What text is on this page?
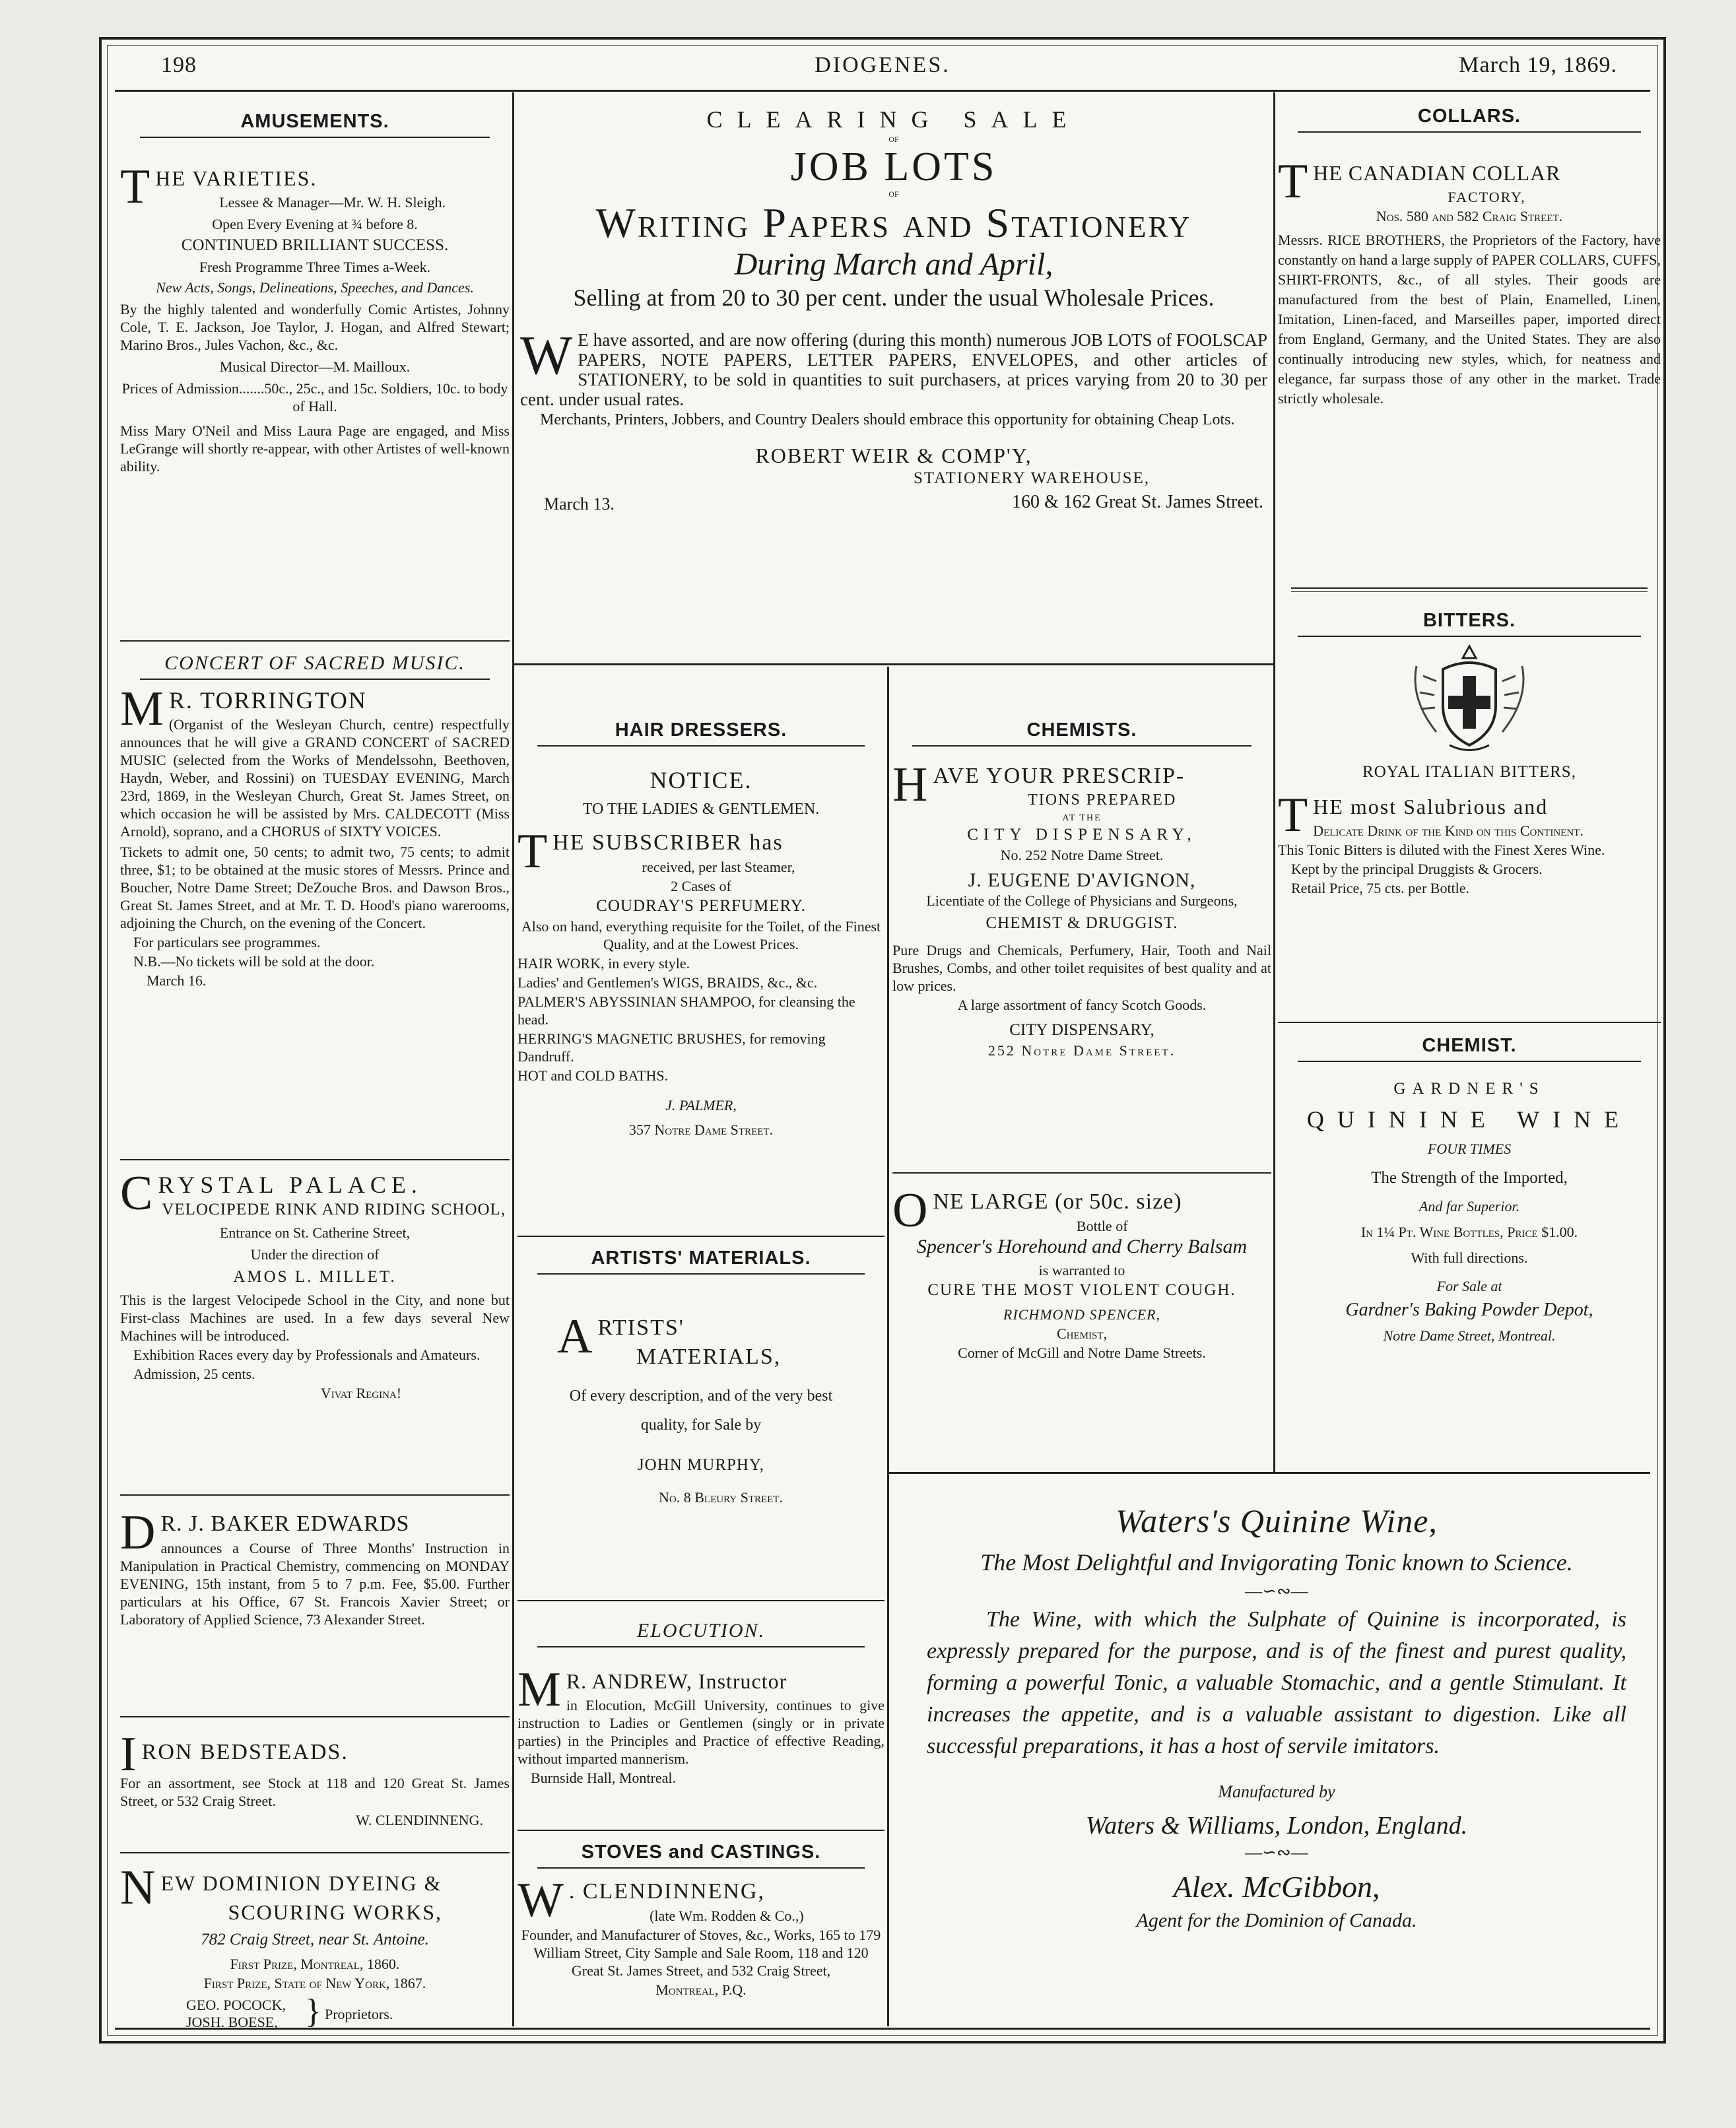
198	DIOGENES.	March 19, 1869.
AMUSEMENTS.
T HE VARIETIES.

Lessee & Manager—Mr. W. H. Sleigh.

Open Every Evening at ¾ before 8.

CONTINUED BRILLIANT SUCCESS.

Fresh Programme Three Times a-Week.

New Acts, Songs, Delineations, Speeches, and Dances.

By the highly talented and wonderfully Comic Artistes, Johnny Cole, T. E. Jackson, Joe Taylor, J. Hogan, and Alfred Stewart; Marino Bros., Jules Vachon, &c., &c.

Musical Director—M. Mailloux.

Prices of Admission.......50c., 25c., and 15c. Soldiers, 10c. to body of Hall.

Miss Mary O'Neil and Miss Laura Page are engaged, and Miss LeGrange will shortly re-appear, with other Artistes of well-known ability.

CONCERT OF SACRED MUSIC.
M R. TORRINGTON

(Organist of the Wesleyan Church, centre) respectfully announces that he will give a GRAND CONCERT of SACRED MUSIC (selected from the Works of Mendelssohn, Beethoven, Haydn, Weber, and Rossini) on TUESDAY EVENING, March 23rd, 1869, in the Wesleyan Church, Great St. James Street, on which occasion he will be assisted by Mrs. CALDECOTT (Miss Arnold), soprano, and a CHORUS of SIXTY VOICES.

Tickets to admit one, 50 cents; to admit two, 75 cents; to admit three, $1; to be obtained at the music stores of Messrs. Prince and Boucher, Notre Dame Street; DeZouche Bros. and Dawson Bros., Great St. James Street, and at Mr. T. D. Hood's piano warerooms, adjoining the Church, on the evening of the Concert.

For particulars see programmes.

N.B.—No tickets will be sold at the door.

March 16.

C RYSTAL PALACE.

VELOCIPEDE RINK AND RIDING SCHOOL,

Entrance on St. Catherine Street,

Under the direction of

AMOS L. MILLET.

This is the largest Velocipede School in the City, and none but First-class Machines are used. In a few days several New Machines will be introduced.

Exhibition Races every day by Professionals and Amateurs.

Admission, 25 cents.

Vivat Regina!

D R. J. BAKER EDWARDS

announces a Course of Three Months' Instruction in Manipulation in Practical Chemistry, commencing on MONDAY EVENING, 15th instant, from 5 to 7 p.m. Fee, $5.00. Further particulars at his Office, 67 St. Francois Xavier Street; or Laboratory of Applied Science, 73 Alexander Street.

I RON BEDSTEADS.

For an assortment, see Stock at 118 and 120 Great St. James Street, or 532 Craig Street.

W. CLENDINNENG.

N EW DOMINION DYEING &

SCOURING WORKS,

782 Craig Street, near St. Antoine.

First Prize, Montreal, 1860.

First Prize, State of New York, 1867.

GEO. POCOCK,

JOSH. BOESE, } Proprietors.

CLEARING SALE

OF

JOB LOTS

OF

Writing Papers and Stationery

During March and April,

Selling at from 20 to 30 per cent. under the usual Wholesale Prices.

W E have assorted, and are now offering (during this month) numerous JOB LOTS of FOOLSCAP PAPERS, NOTE PAPERS, LETTER PAPERS, ENVELOPES, and other articles of STATIONERY, to be sold in quantities to suit purchasers, at prices varying from 20 to 30 per cent. under usual rates.

Merchants, Printers, Jobbers, and Country Dealers should embrace this opportunity for obtaining Cheap Lots.

ROBERT WEIR & COMP'Y,

STATIONERY WAREHOUSE,

March 13.	160 & 162 Great St. James Street.
HAIR DRESSERS.

NOTICE.

TO THE LADIES & GENTLEMEN.

T HE SUBSCRIBER has

received, per last Steamer,

2 Cases of

COUDRAY'S PERFUMERY.

Also on hand, everything requisite for the Toilet, of the Finest Quality, and at the Lowest Prices.

HAIR WORK, in every style.

Ladies' and Gentlemen's WIGS, BRAIDS, &c., &c.

PALMER'S ABYSSINIAN SHAMPOO, for cleansing the head.

HERRING'S MAGNETIC BRUSHES, for removing Dandruff.

HOT and COLD BATHS.

J. PALMER,

357 Notre Dame Street.

ARTISTS' MATERIALS.
A RTISTS'

MATERIALS,

Of every description, and of the very best quality, for Sale by

JOHN MURPHY,

No. 8 Bleury Street.

ELOCUTION.
M R. ANDREW, Instructor

in Elocution, McGill University, continues to give instruction to Ladies or Gentlemen (singly or in private parties) in the Principles and Practice of effective Reading, without imparted mannerism.

Burnside Hall, Montreal.

STOVES and CASTINGS.
W . CLENDINNENG,

(late Wm. Rodden & Co.,)

Founder, and Manufacturer of Stoves, &c., Works, 165 to 179 William Street, City Sample and Sale Room, 118 and 120 Great St. James Street, and 532 Craig Street,

Montreal, P.Q.

CHEMISTS.
H AVE YOUR PRESCRIP-

TIONS PREPARED

AT THE

CITY DISPENSARY,

No. 252 Notre Dame Street.

J. EUGENE D'AVIGNON,

Licentiate of the College of Physicians and Surgeons,

CHEMIST & DRUGGIST.

Pure Drugs and Chemicals, Perfumery, Hair, Tooth and Nail Brushes, Combs, and other toilet requisites of best quality and at low prices.

A large assortment of fancy Scotch Goods.

CITY DISPENSARY,

252 Notre Dame Street.

O NE LARGE (or 50c. size)

Bottle of

Spencer's Horehound and Cherry Balsam

is warranted to

CURE THE MOST VIOLENT COUGH.

RICHMOND SPENCER,

Chemist,

Corner of McGill and Notre Dame Streets.

COLLARS.
T HE CANADIAN COLLAR

FACTORY,

Nos. 580 and 582 Craig Street.

Messrs. RICE BROTHERS, the Proprietors of the Factory, have constantly on hand a large supply of PAPER COLLARS, CUFFS, SHIRT-FRONTS, &c., of all styles. Their goods are manufactured from the best of Plain, Enamelled, Linen, Imitation, Linen-faced, and Marseilles paper, imported direct from England, Germany, and the United States. They are also continually introducing new styles, which, for neatness and elegance, far surpass those of any other in the market. Trade strictly wholesale.

BITTERS.

ROYAL ITALIAN BITTERS,

T HE most Salubrious and

Delicate Drink of the Kind on this Continent.

This Tonic Bitters is diluted with the Finest Xeres Wine.

Kept by the principal Druggists & Grocers.

Retail Price, 75 cts. per Bottle.

CHEMIST.

GARDNER'S

QUININE WINE

FOUR TIMES

The Strength of the Imported,

And far Superior.

In 1¼ Pt. Wine Bottles, Price $1.00.

With full directions.

For Sale at

Gardner's Baking Powder Depot,

Notre Dame Street, Montreal.

Waters's Quinine Wine,

The Most Delightful and Invigorating Tonic known to Science.

—∽∾—

The Wine, with which the Sulphate of Quinine is incorporated, is expressly prepared for the purpose, and is of the finest and purest quality, forming a powerful Tonic, a valuable Stomachic, and a gentle Stimulant. It increases the appetite, and is a valuable assistant to digestion. Like all successful preparations, it has a host of servile imitators.

Manufactured by

Waters & Williams, London, England.

—∽∾—

Alex. McGibbon,

Agent for the Dominion of Canada.
